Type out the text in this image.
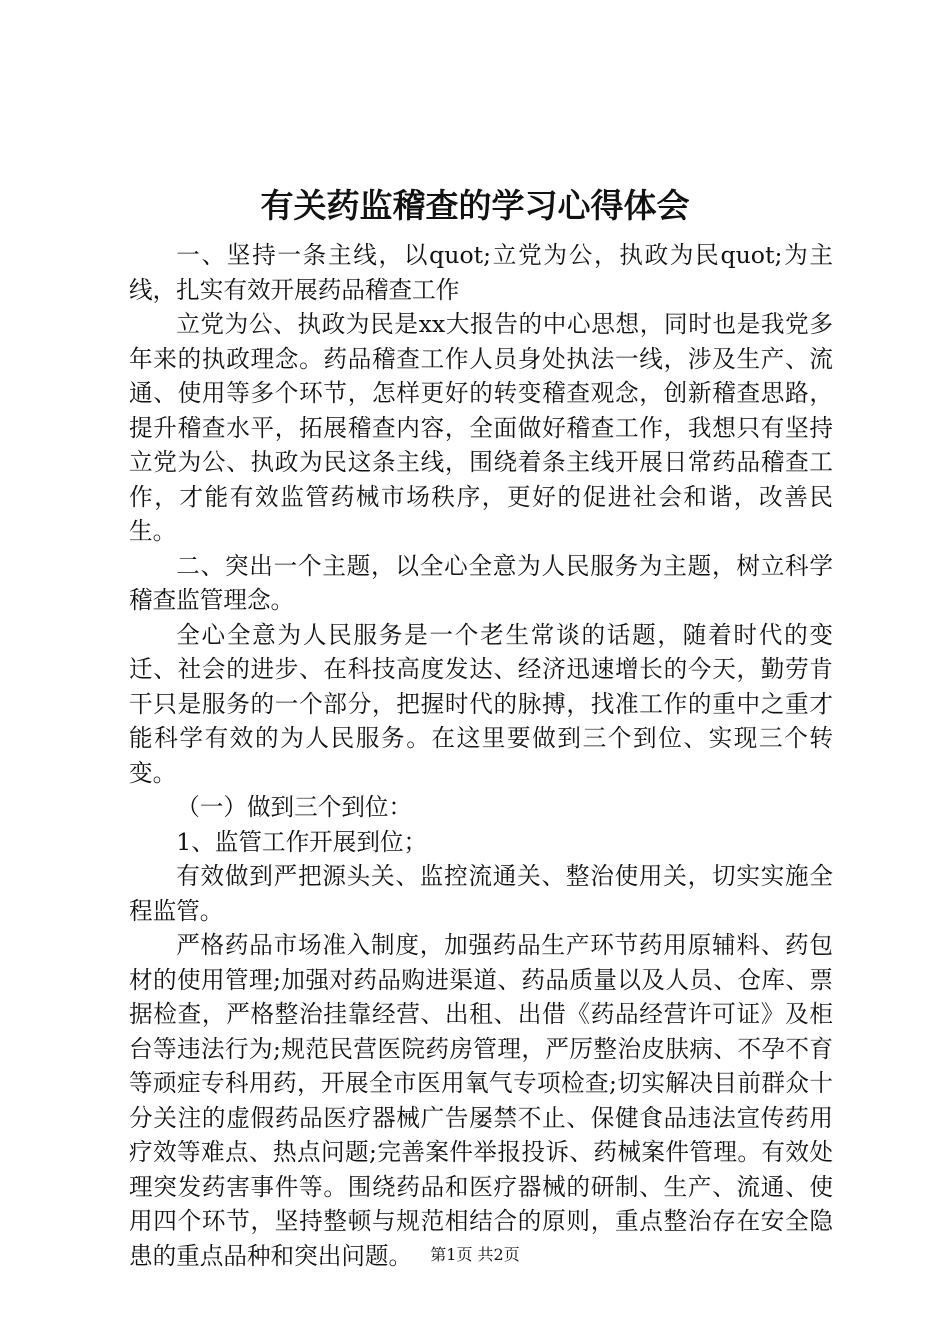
有关药监稽查的学习心得体会

一、坚持一条主线，以quot;立党为公，执政为民quot;为主线，扎实有效开展药品稽查工作

立党为公、执政为民是xx大报告的中心思想，同时也是我党多年来的执政理念。药品稽查工作人员身处执法一线，涉及生产、流通、使用等多个环节，怎样更好的转变稽查观念，创新稽查思路，提升稽查水平，拓展稽查内容，全面做好稽查工作，我想只有坚持立党为公、执政为民这条主线，围绕着条主线开展日常药品稽查工作，才能有效监管药械市场秩序，更好的促进社会和谐，改善民生。

二、突出一个主题，以全心全意为人民服务为主题，树立科学稽查监管理念。

全心全意为人民服务是一个老生常谈的话题，随着时代的变迁、社会的进步、在科技高度发达、经济迅速增长的今天，勤劳肯干只是服务的一个部分，把握时代的脉搏，找准工作的重中之重才能科学有效的为人民服务。在这里要做到三个到位、实现三个转变。

（一）做到三个到位：

1、监管工作开展到位；

有效做到严把源头关、监控流通关、整治使用关，切实实施全程监管。

严格药品市场准入制度，加强药品生产环节药用原辅料、药包材的使用管理;加强对药品购进渠道、药品质量以及人员、仓库、票据检查，严格整治挂靠经营、出租、出借《药品经营许可证》及柜台等违法行为;规范民营医院药房管理，严厉整治皮肤病、不孕不育等顽症专科用药，开展全市医用氧气专项检查;切实解决目前群众十分关注的虚假药品医疗器械广告屡禁不止、保健食品违法宣传药用疗效等难点、热点问题;完善案件举报投诉、药械案件管理。有效处理突发药害事件等。围绕药品和医疗器械的研制、生产、流通、使用四个环节，坚持整顿与规范相结合的原则，重点整治存在安全隐患的重点品种和突出问题。	第1页 共2页
